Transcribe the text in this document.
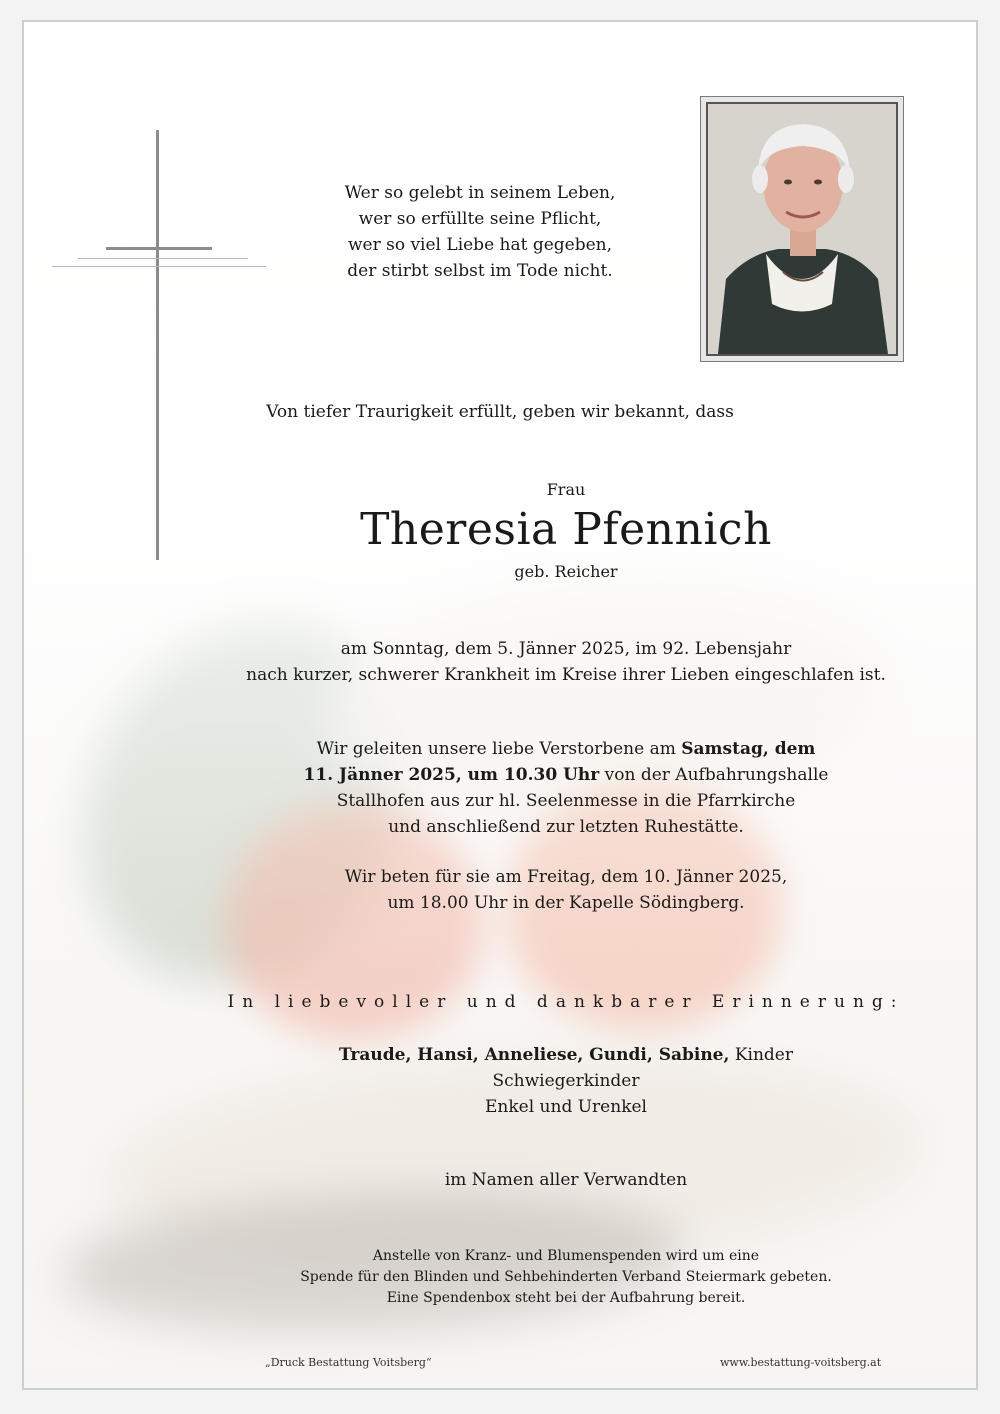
Wer so gelebt in seinem Leben,

wer so erfüllte seine Pflicht,

wer so viel Liebe hat gegeben,

der stirbt selbst im Tode nicht.

Von tiefer Traurigkeit erfüllt, geben wir bekannt, dass
Frau
Theresia Pfennich
geb. Reicher

am Sonntag, dem 5. Jänner 2025, im 92. Lebensjahr

nach kurzer, schwerer Krankheit im Kreise ihrer Lieben eingeschlafen ist.

Wir geleiten unsere liebe Verstorbene am Samstag, dem

11. Jänner 2025, um 10.30 Uhr von der Aufbahrungshalle

Stallhofen aus zur hl. Seelenmesse in die Pfarrkirche

und anschließend zur letzten Ruhestätte.

Wir beten für sie am Freitag, dem 10. Jänner 2025,

um 18.00 Uhr in der Kapelle Södingberg.

In liebevoller und dankbarer Erinnerung:

Traude, Hansi, Anneliese, Gundi, Sabine, Kinder

Schwiegerkinder

Enkel und Urenkel

im Namen aller Verwandten

Anstelle von Kranz- und Blumenspenden wird um eine

Spende für den Blinden und Sehbehinderten Verband Steiermark gebeten.

Eine Spendenbox steht bei der Aufbahrung bereit.

„Druck Bestattung Voitsberg“	www.bestattung-voitsberg.at
